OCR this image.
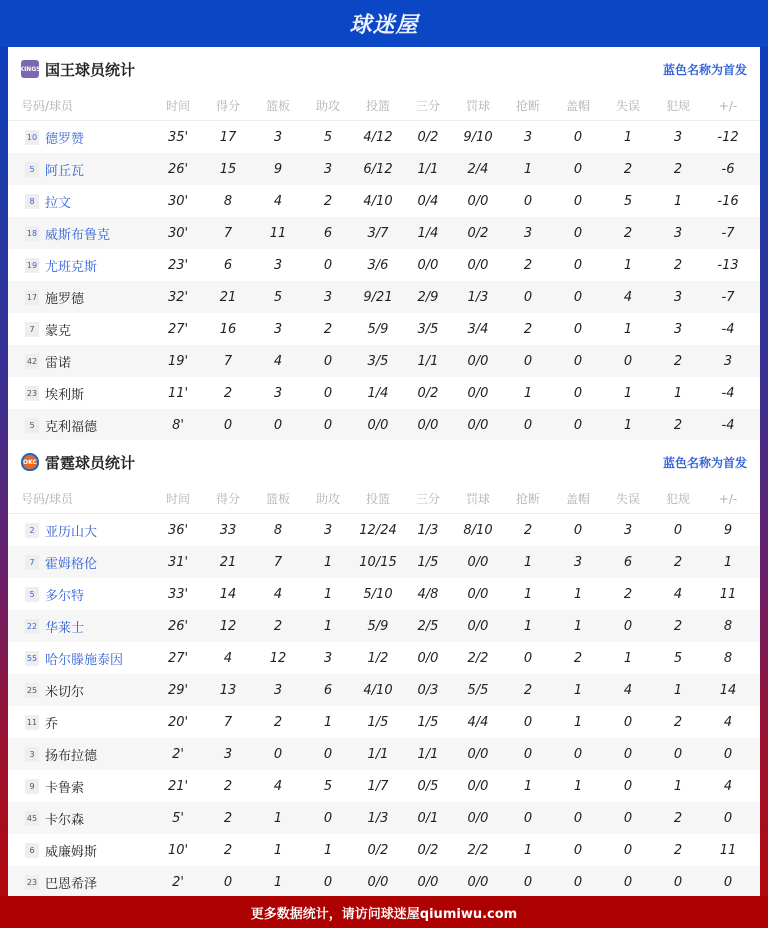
球迷屋
KINGS 国王球员统计	蓝色名称为首发
号码/球员	时间	得分	篮板	助攻	投篮	三分	罚球	抢断	盖帽	失误	犯规	+/-
10 德罗赞	35'	17	3	5	4/12	0/2	9/10	3	0	1	3	-12
5 阿丘瓦	26'	15	9	3	6/12	1/1	2/4	1	0	2	2	-6
8 拉文	30'	8	4	2	4/10	0/4	0/0	0	0	5	1	-16
18 威斯布鲁克	30'	7	11	6	3/7	1/4	0/2	3	0	2	3	-7
19 尤班克斯	23'	6	3	0	3/6	0/0	0/0	2	0	1	2	-13
17 施罗德	32'	21	5	3	9/21	2/9	1/3	0	0	4	3	-7
7 蒙克	27'	16	3	2	5/9	3/5	3/4	2	0	1	3	-4
42 雷诺	19'	7	4	0	3/5	1/1	0/0	0	0	0	2	3
23 埃利斯	11'	2	3	0	1/4	0/2	0/0	1	0	1	1	-4
5 克利福德	8'	0	0	0	0/0	0/0	0/0	0	0	1	2	-4
OKC 雷霆球员统计	蓝色名称为首发
号码/球员	时间	得分	篮板	助攻	投篮	三分	罚球	抢断	盖帽	失误	犯规	+/-
2 亚历山大	36'	33	8	3	12/24	1/3	8/10	2	0	3	0	9
7 霍姆格伦	31'	21	7	1	10/15	1/5	0/0	1	3	6	2	1
5 多尔特	33'	14	4	1	5/10	4/8	0/0	1	1	2	4	11
22 华莱士	26'	12	2	1	5/9	2/5	0/0	1	1	0	2	8
55 哈尔滕施泰因	27'	4	12	3	1/2	0/0	2/2	0	2	1	5	8
25 米切尔	29'	13	3	6	4/10	0/3	5/5	2	1	4	1	14
11 乔	20'	7	2	1	1/5	1/5	4/4	0	1	0	2	4
3 扬布拉德	2'	3	0	0	1/1	1/1	0/0	0	0	0	0	0
9 卡鲁索	21'	2	4	5	1/7	0/5	0/0	1	1	0	1	4
45 卡尔森	5'	2	1	0	1/3	0/1	0/0	0	0	0	2	0
6 威廉姆斯	10'	2	1	1	0/2	0/2	2/2	1	0	0	2	11
23 巴恩希泽	2'	0	1	0	0/0	0/0	0/0	0	0	0	0	0
更多数据统计，请访问球迷屋qiumiwu.com
